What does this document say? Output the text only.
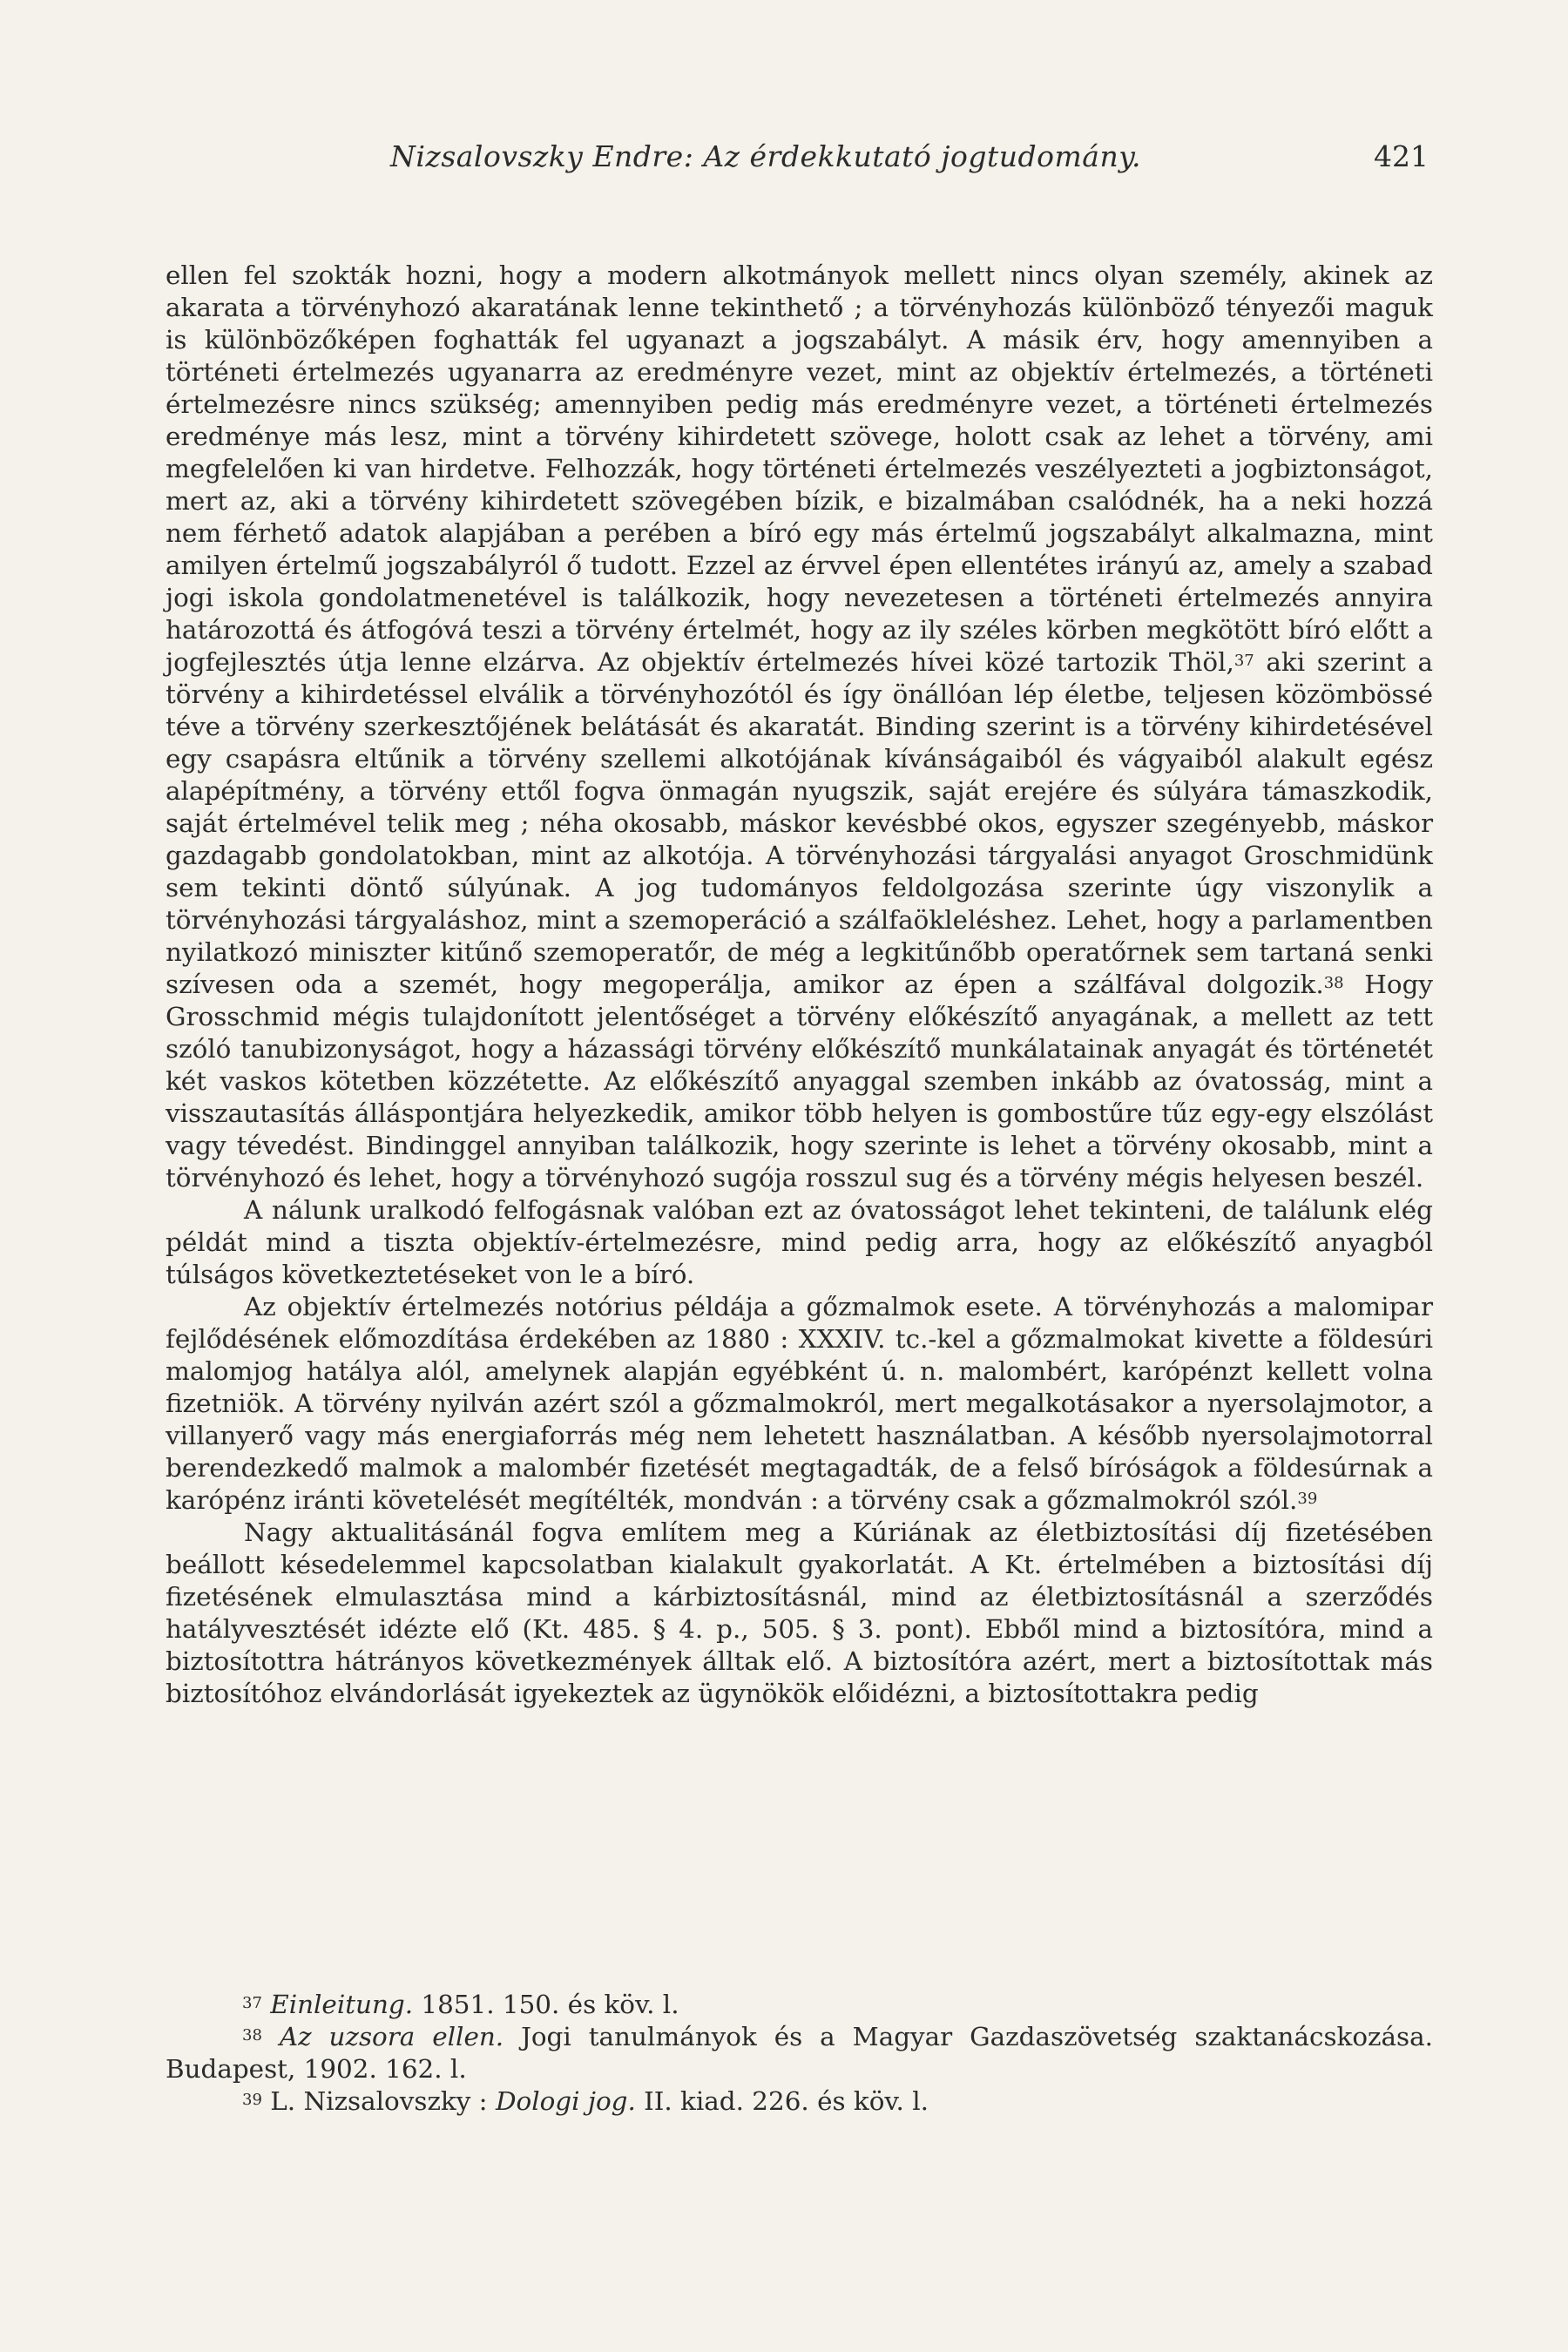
Nizsalovszky Endre: Az érdekkutató jogtudomány.	421

ellen fel szokták hozni, hogy a modern alkotmányok mellett nincs olyan személy, akinek az akarata a törvényhozó akaratának lenne tekinthető ; a törvényhozás különböző tényezői maguk is különbözőképen foghatták fel ugyanazt a jogszabályt. A másik érv, hogy amennyiben a történeti értelmezés ugyanarra az eredményre vezet, mint az objektív értelmezés, a történeti értelmezésre nincs szükség; amennyiben pedig más eredményre vezet, a történeti értelmezés eredménye más lesz, mint a törvény kihirdetett szövege, holott csak az lehet a törvény, ami megfelelően ki van hirdetve. Felhozzák, hogy történeti értelmezés veszélyezteti a jogbiztonságot, mert az, aki a törvény kihirdetett szövegében bízik, e bizalmában csalódnék, ha a neki hozzá nem férhető adatok alapjában a perében a bíró egy más értelmű jogszabályt alkalmazna, mint amilyen értelmű jogszabályról ő tudott. Ezzel az érvvel épen ellentétes irányú az, amely a szabad jogi iskola gondolatmenetével is találkozik, hogy nevezetesen a történeti értelmezés annyira határozottá és átfogóvá teszi a törvény értelmét, hogy az ily széles körben megkötött bíró előtt a jogfejlesztés útja lenne elzárva. Az objektív értelmezés hívei közé tartozik Thöl,$^{37}$ aki szerint a törvény a kihirdetéssel elválik a törvényhozótól és így önállóan lép életbe, teljesen közömbössé téve a törvény szerkesztőjének belátását és akaratát. Binding szerint is a törvény kihirdetésével egy csapásra eltűnik a törvény szellemi alkotójának kívánságaiból és vágyaiból alakult egész alapépítmény, a törvény ettől fogva önmagán nyugszik, saját erejére és súlyára támaszkodik, saját értelmével telik meg ; néha okosabb, máskor kevésbbé okos, egyszer szegényebb, máskor gazdagabb gondolatokban, mint az alkotója. A törvényhozási tárgyalási anyagot Groschmidünk sem tekinti döntő súlyúnak. A jog tudományos feldolgozása szerinte úgy viszonylik a törvényhozási tárgyaláshoz, mint a szemoperáció a szálfaökleléshez. Lehet, hogy a parlamentben nyilatkozó miniszter kitűnő szemoperatőr, de még a legkitűnőbb operatőrnek sem tartaná senki szívesen oda a szemét, hogy megoperálja, amikor az épen a szálfával dolgozik.$^{38}$ Hogy Grosschmid mégis tulajdonított jelentőséget a törvény előkészítő anyagának, a mellett az tett szóló tanubizonyságot, hogy a házassági törvény előkészítő munkálatainak anyagát és történetét két vaskos kötetben közzétette. Az előkészítő anyaggal szemben inkább az óvatosság, mint a visszautasítás álláspontjára helyezkedik, amikor több helyen is gombostűre tűz egy-egy elszólást vagy tévedést. Bindinggel annyiban találkozik, hogy szerinte is lehet a törvény okosabb, mint a törvényhozó és lehet, hogy a törvényhozó sugója rosszul sug és a törvény mégis helyesen beszél.

A nálunk uralkodó felfogásnak valóban ezt az óvatosságot lehet tekinteni, de találunk elég példát mind a tiszta objektív-értelmezésre, mind pedig arra, hogy az előkészítő anyagból túlságos következtetéseket von le a bíró.

Az objektív értelmezés notórius példája a gőzmalmok esete. A törvényhozás a malomipar fejlődésének előmozdítása érdekében az 1880 : XXXIV. tc.-kel a gőzmalmokat kivette a földesúri malomjog hatálya alól, amelynek alapján egyébként ú. n. malombért, karópénzt kellett volna fizetniök. A törvény nyilván azért szól a gőzmalmokról, mert megalkotásakor a nyersolajmotor, a villanyerő vagy más energiaforrás még nem lehetett használatban. A később nyersolajmotorral berendezkedő malmok a malombér fizetését megtagadták, de a felső bíróságok a földesúrnak a karópénz iránti követelését megítélték, mondván : a törvény csak a gőzmalmokról szól.$^{39}$

Nagy aktualitásánál fogva említem meg a Kúriának az életbiztosítási díj fizetésében beállott késedelemmel kapcsolatban kialakult gyakorlatát. A Kt. értelmében a biztosítási díj fizetésének elmulasztása mind a kárbiztosításnál, mind az életbiztosításnál a szerződés hatályvesztését idézte elő (Kt. 485. § 4. p., 505. § 3. pont). Ebből mind a biztosítóra, mind a biztosítottra hátrányos következmények álltak elő. A biztosítóra azért, mert a biztosítottak más biztosítóhoz elvándorlását igyekeztek az ügynökök előidézni, a biztosítottakra pedig

$^{37}$ Einleitung. 1851. 150. és köv. l.

$^{38}$ Az uzsora ellen. Jogi tanulmányok és a Magyar Gazdaszövetség szaktanácskozása. Budapest, 1902. 162. l.

$^{39}$ L. Nizsalovszky : Dologi jog. II. kiad. 226. és köv. l.
